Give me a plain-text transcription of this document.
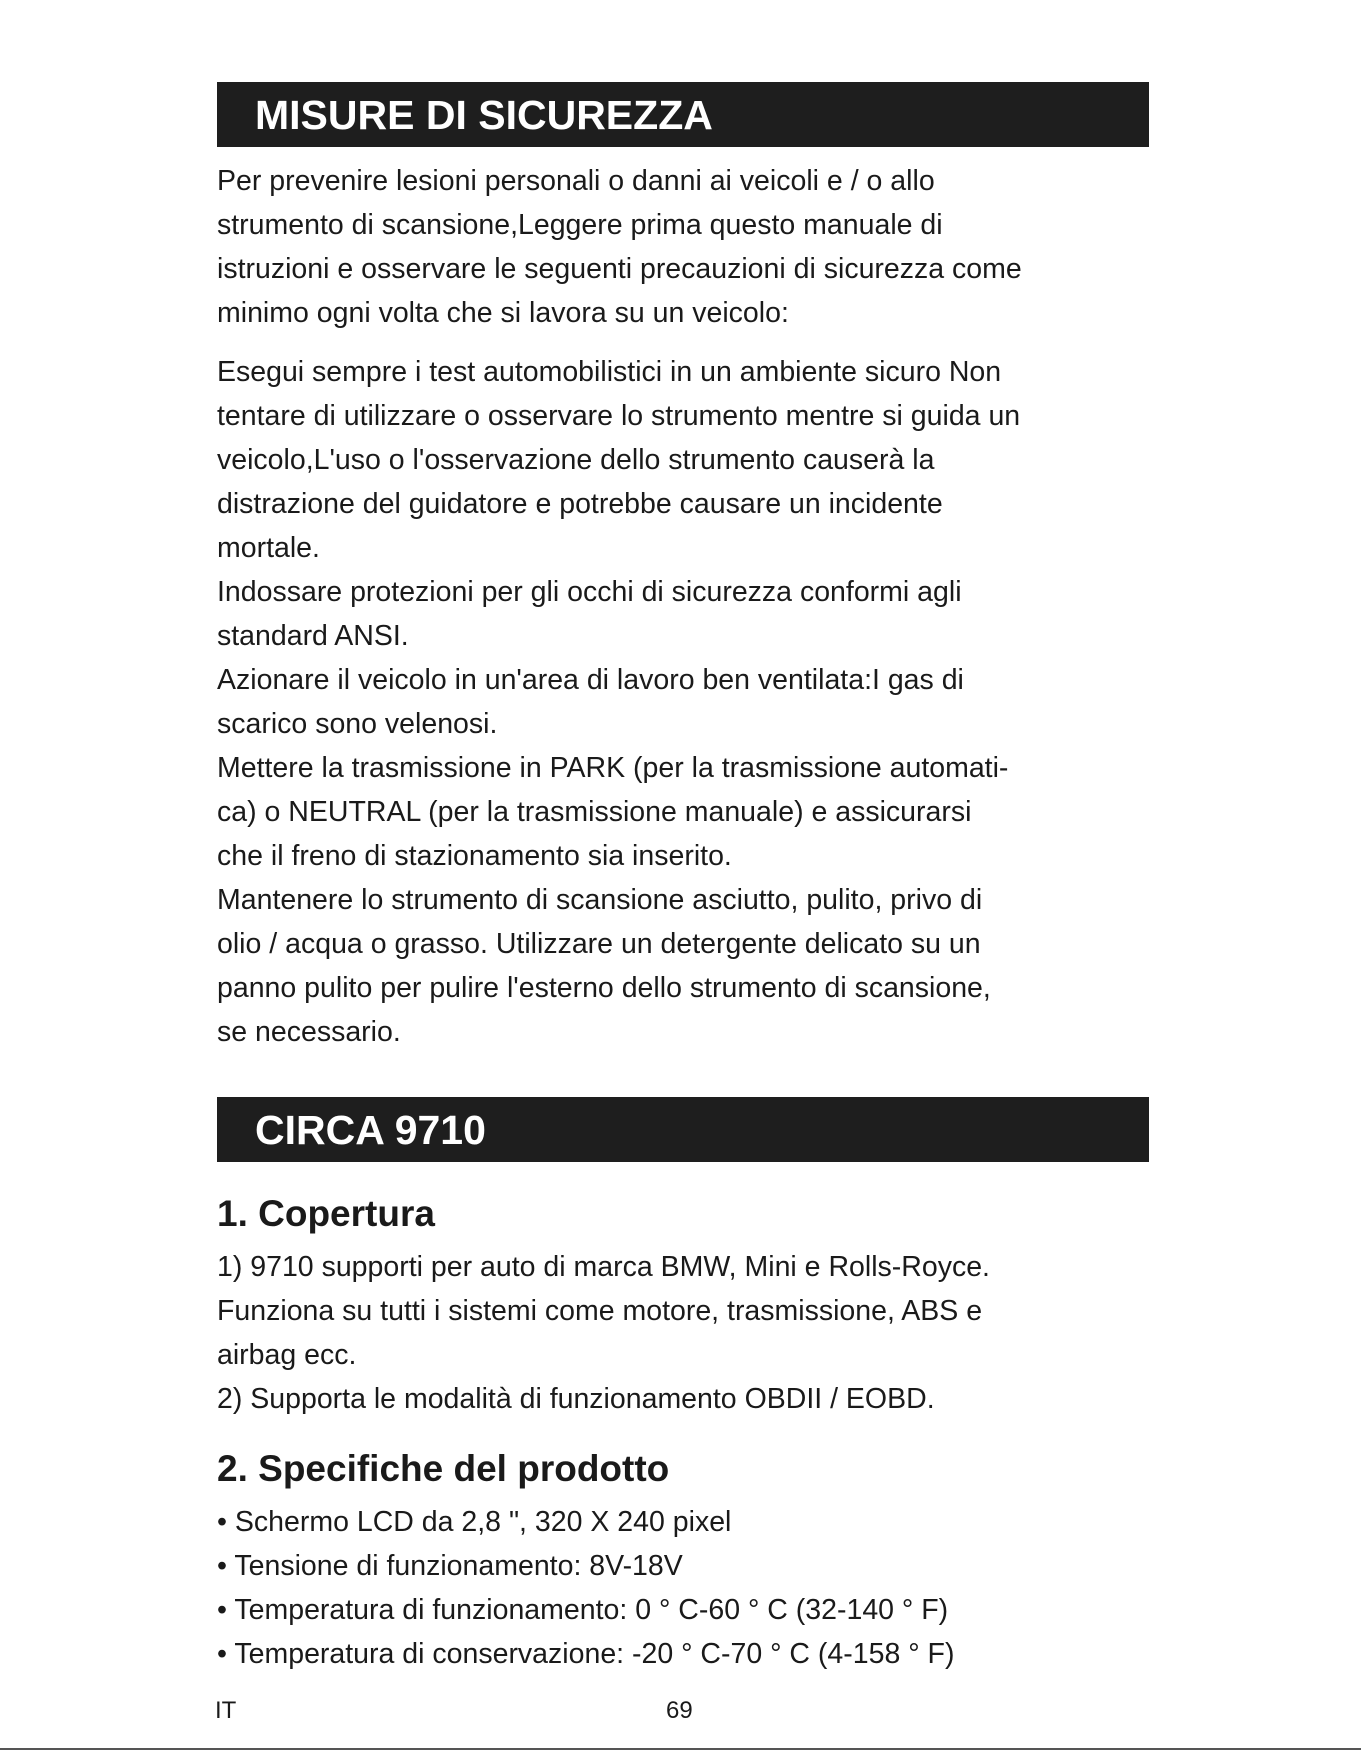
MISURE DI SICUREZZA
Per prevenire lesioni personali o danni ai veicoli e / o allo
strumento di scansione,Leggere prima questo manuale di
istruzioni e osservare le seguenti precauzioni di sicurezza come
minimo ogni volta che si lavora su un veicolo:
Esegui sempre i test automobilistici in un ambiente sicuro Non
tentare di utilizzare o osservare lo strumento mentre si guida un
veicolo,L'uso o l'osservazione dello strumento causerà la
distrazione del guidatore e potrebbe causare un incidente
mortale.
Indossare protezioni per gli occhi di sicurezza conformi agli
standard ANSI.
Azionare il veicolo in un'area di lavoro ben ventilata:I gas di
scarico sono velenosi.
Mettere la trasmissione in PARK (per la trasmissione automati-
ca) o NEUTRAL (per la trasmissione manuale) e assicurarsi
che il freno di stazionamento sia inserito.
Mantenere lo strumento di scansione asciutto, pulito, privo di
olio / acqua o grasso. Utilizzare un detergente delicato su un
panno pulito per pulire l'esterno dello strumento di scansione,
se necessario.
CIRCA 9710
1. Copertura
1) 9710 supporti per auto di marca BMW, Mini e Rolls-Royce.
Funziona su tutti i sistemi come motore, trasmissione, ABS e
airbag ecc.
2) Supporta le modalità di funzionamento OBDII / EOBD.
2. Specifiche del prodotto
• Schermo LCD da 2,8 ", 320 X 240 pixel
• Tensione di funzionamento: 8V-18V
• Temperatura di funzionamento: 0 ° C-60 ° C (32-140 ° F)
• Temperatura di conservazione: -20 ° C-70 ° C (4-158 ° F)
IT	69
